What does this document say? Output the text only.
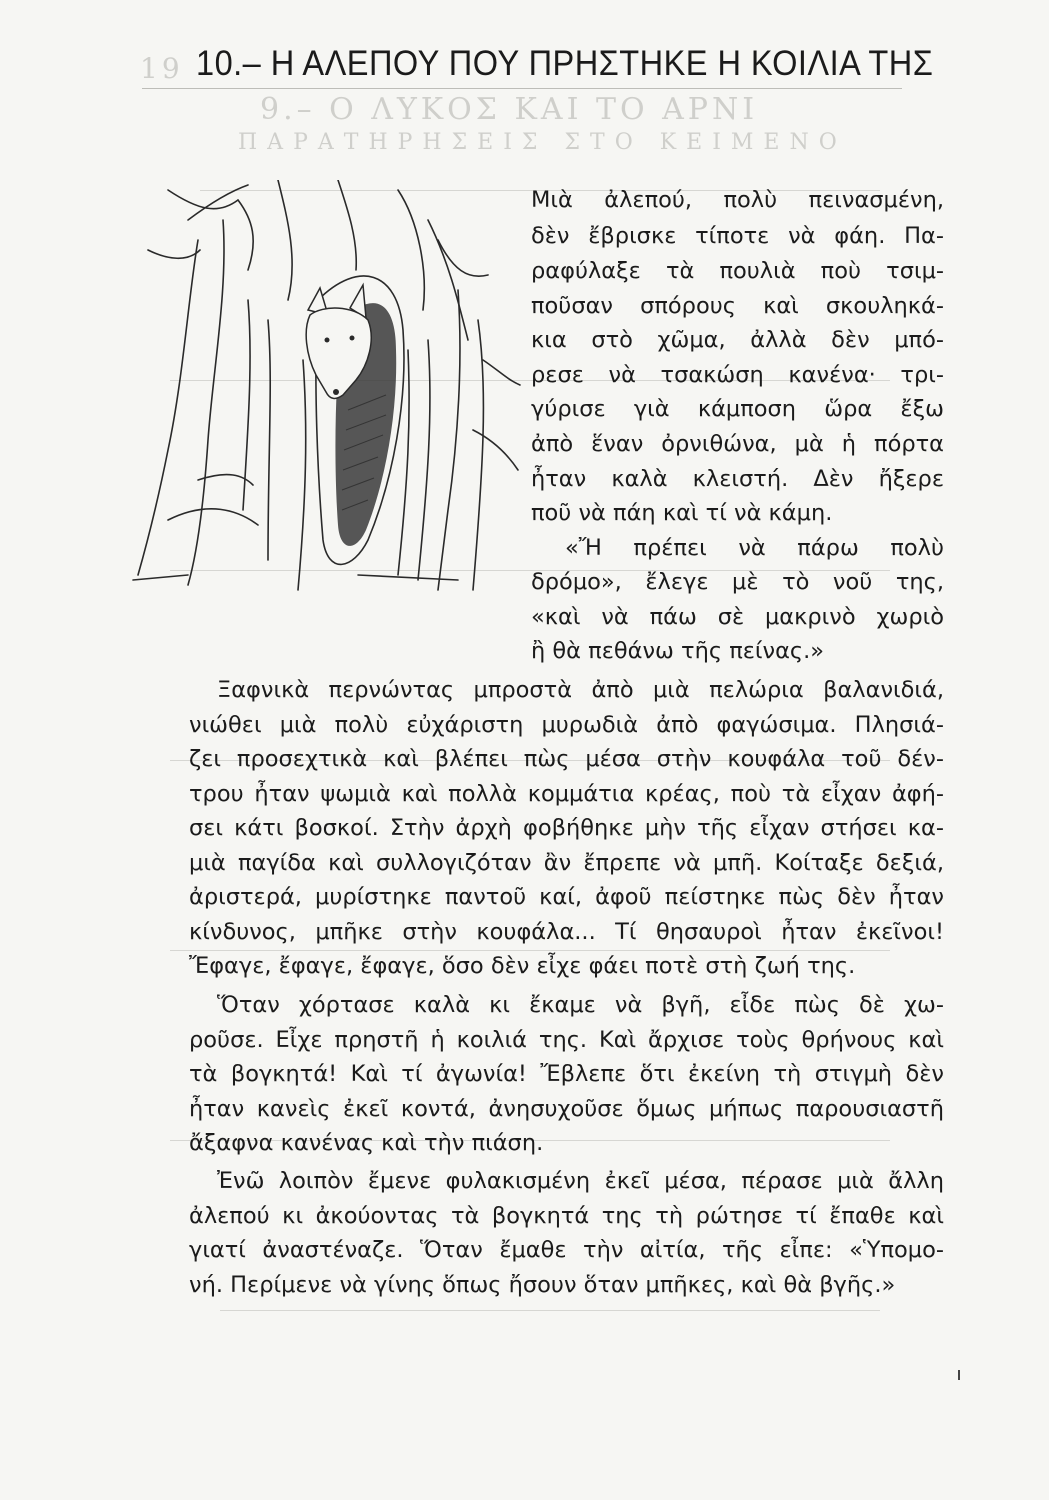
19
9.– Ο ΛΥΚΟΣ ΚΑΙ ΤΟ ΑΡΝΙ
ΠΑΡΑΤΗΡΗΣΕΙΣ ΣΤΟ ΚΕΙΜΕΝΟ
10.– Η ΑΛΕΠΟΥ ΠΟΥ ΠΡΗΣΤΗΚΕ Η ΚΟΙΛΙΑ ΤΗΣ
Μιὰ ἀλεπού, πολὺ πεινασμένη,
δὲν ἔβρισκε τίποτε νὰ φάη. Πα-
ραφύλαξε τὰ πουλιὰ ποὺ τσιμ-
ποῦσαν σπόρους καὶ σκουληκά-
κια στὸ χῶμα, ἀλλὰ δὲν μπό-
ρεσε νὰ τσακώση κανένα· τρι-
γύρισε γιὰ κάμποση ὥρα ἔξω
ἀπὸ ἕναν ὀρνιθώνα, μὰ ἡ πόρτα
ἦταν καλὰ κλειστή. Δὲν ἤξερε
ποῦ νὰ πάη καὶ τί νὰ κάμη.
«Ἤ πρέπει νὰ πάρω πολὺ
δρόμο», ἔλεγε μὲ τὸ νοῦ της,
«καὶ νὰ πάω σὲ μακρινὸ χωριὸ
ἢ θὰ πεθάνω τῆς πείνας.»
Ξαφνικὰ περνώντας μπροστὰ ἀπὸ μιὰ πελώρια βαλανιδιά,
νιώθει μιὰ πολὺ εὐχάριστη μυρωδιὰ ἀπὸ φαγώσιμα. Πλησιά-
ζει προσεχτικὰ καὶ βλέπει πὼς μέσα στὴν κουφάλα τοῦ δέν-
τρου ἦταν ψωμιὰ καὶ πολλὰ κομμάτια κρέας, ποὺ τὰ εἶχαν ἀφή-
σει κάτι βοσκοί. Στὴν ἀρχὴ φοβήθηκε μὴν τῆς εἶχαν στήσει κα-
μιὰ παγίδα καὶ συλλογιζόταν ἂν ἔπρεπε νὰ μπῆ. Κοίταξε δεξιά,
ἀριστερά, μυρίστηκε παντοῦ καί, ἀφοῦ πείστηκε πὼς δὲν ἦταν
κίνδυνος, μπῆκε στὴν κουφάλα... Τί θησαυροὶ ἦταν ἐκεῖνοι!
Ἔφαγε, ἔφαγε, ἔφαγε, ὅσο δὲν εἶχε φάει ποτὲ στὴ ζωή της.
Ὅταν χόρτασε καλὰ κι ἔκαμε νὰ βγῆ, εἶδε πὼς δὲ χω-
ροῦσε. Εἶχε πρηστῆ ἡ κοιλιά της. Καὶ ἄρχισε τοὺς θρήνους καὶ
τὰ βογκητά! Καὶ τί ἀγωνία! Ἔβλεπε ὅτι ἐκείνη τὴ στιγμὴ δὲν
ἦταν κανεὶς ἐκεῖ κοντά, ἀνησυχοῦσε ὅμως μήπως παρουσιαστῆ
ἄξαφνα κανένας καὶ τὴν πιάση.
Ἐνῶ λοιπὸν ἔμενε φυλακισμένη ἐκεῖ μέσα, πέρασε μιὰ ἄλλη
ἀλεπού κι ἀκούοντας τὰ βογκητά της τὴ ρώτησε τί ἔπαθε καὶ
γιατί ἀναστέναζε. Ὅταν ἔμαθε τὴν αἰτία, τῆς εἶπε: «Ὑπομο-
νή. Περίμενε νὰ γίνης ὅπως ἤσουν ὅταν μπῆκες, καὶ θὰ βγῆς.»
